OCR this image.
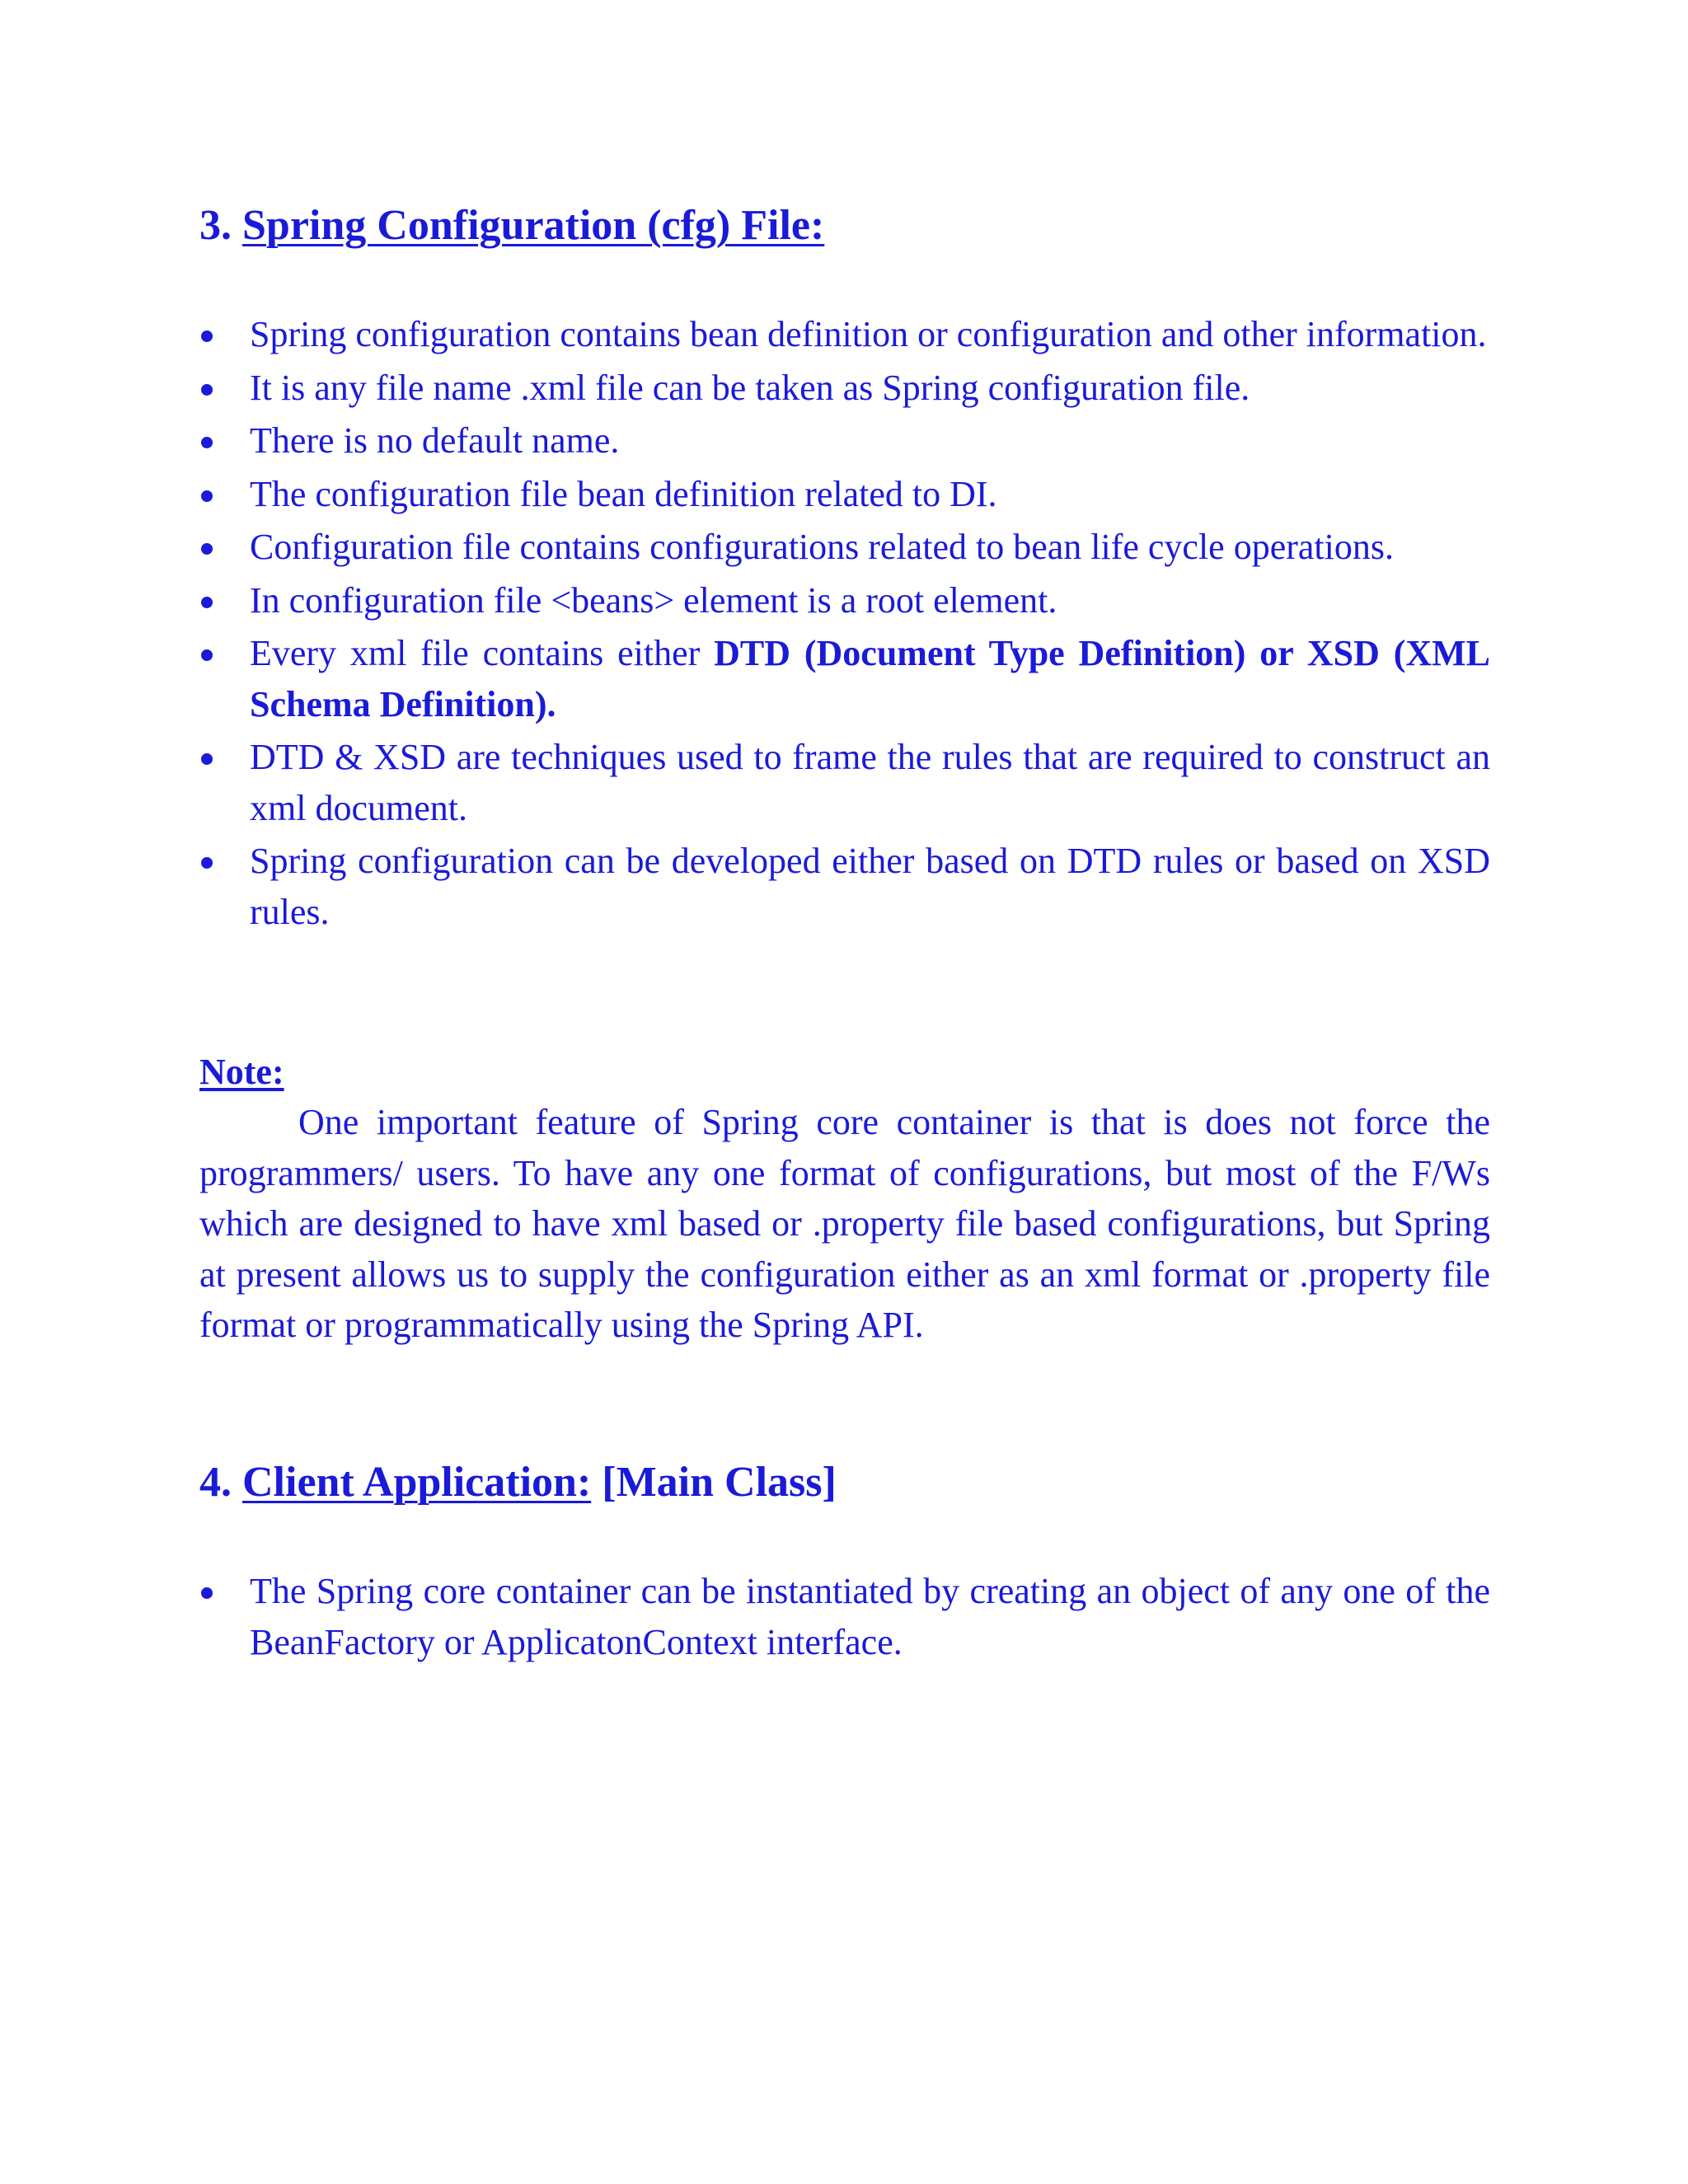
3. Spring Configuration (cfg) File:
Spring configuration contains bean definition or configuration and other information.
It is any file name .xml file can be taken as Spring configuration file.
There is no default name.
The configuration file bean definition related to DI.
Configuration file contains configurations related to bean life cycle operations.
In configuration file <beans> element is a root element.
Every xml file contains either DTD (Document Type Definition) or XSD (XML Schema Definition).
DTD & XSD are techniques used to frame the rules that are required to construct an xml document.
Spring configuration can be developed either based on DTD rules or based on XSD rules.

Note:

One important feature of Spring core container is that is does not force the programmers/ users. To have any one format of configurations, but most of the F/Ws which are designed to have xml based or .property file based configurations, but Spring at present allows us to supply the configuration either as an xml format or .property file format or programmatically using the Spring API.

4. Client Application: [Main Class]
The Spring core container can be instantiated by creating an object of any one of the BeanFactory or ApplicatonContext interface.
